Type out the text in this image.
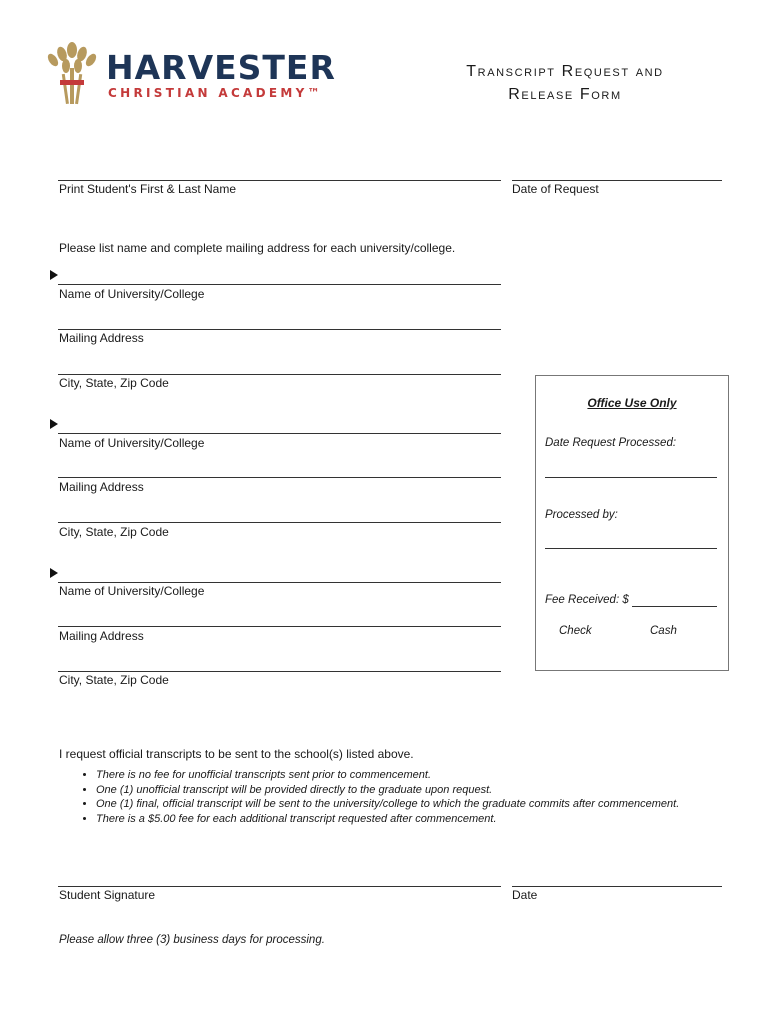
HARVESTER
CHRISTIAN ACADEMY™
Transcript Request and
Release Form
Print Student's First & Last Name	Date of Request
Please list name and complete mailing address for each university/college.
Name of University/College
Mailing Address
City, State, Zip Code
Name of University/College
Mailing Address
City, State, Zip Code
Name of University/College
Mailing Address
City, State, Zip Code
Office Use Only
Date Request Processed:
Processed by:
Fee Received: $
Check	Cash
I request official transcripts to be sent to the school(s) listed above.
• There is no fee for unofficial transcripts sent prior to commencement.
• One (1) unofficial transcript will be provided directly to the graduate upon request.
• One (1) final, official transcript will be sent to the university/college to which the graduate commits after commencement.
• There is a $5.00 fee for each additional transcript requested after commencement.
Student Signature	Date
Please allow three (3) business days for processing.
